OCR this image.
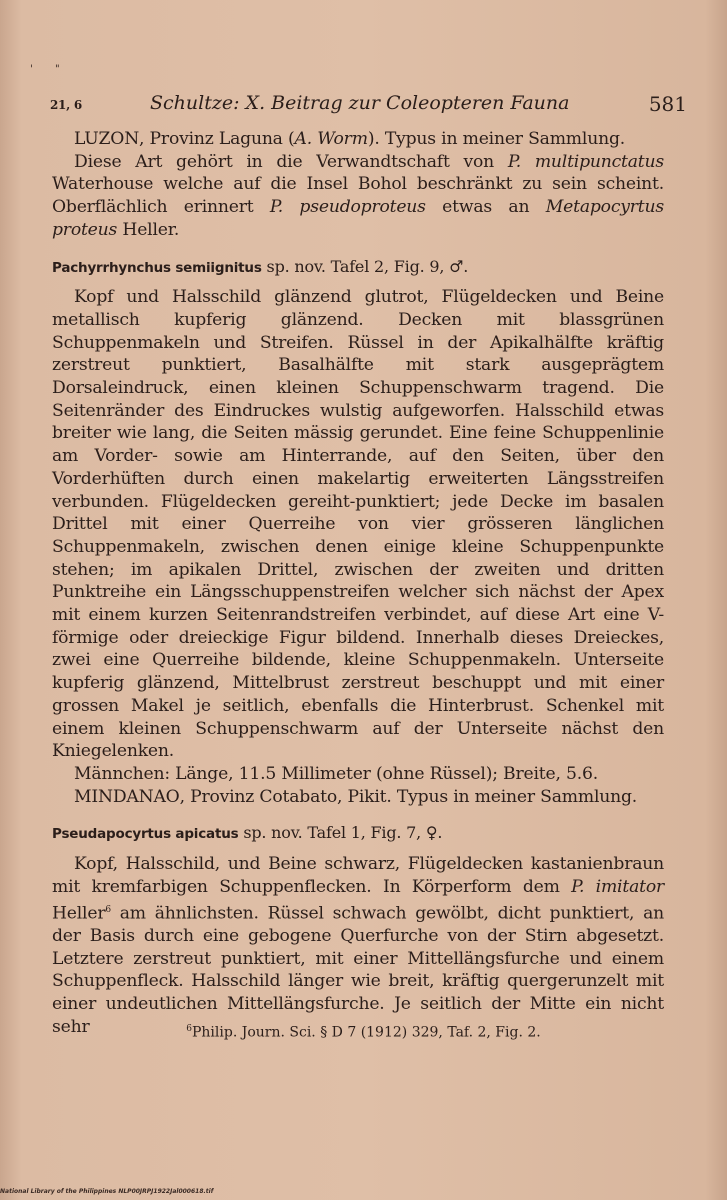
'       "
21, 6	Schultze: X. Beitrag zur Coleopteren Fauna	581

LUZON, Provinz Laguna (A. Worm). Typus in meiner Sammlung.

Diese Art gehört in die Verwandtschaft von P. multipunctatus Waterhouse welche auf die Insel Bohol beschränkt zu sein scheint. Oberflächlich erinnert P. pseudoproteus etwas an Metapocyrtus proteus Heller.

Pachyrrhynchus semiignitus sp. nov. Tafel 2, Fig. 9, ♂.

Kopf und Halsschild glänzend glutrot, Flügeldecken und Beine metallisch kupferig glänzend. Decken mit blassgrünen Schuppenmakeln und Streifen. Rüssel in der Apikalhälfte kräftig zerstreut punktiert, Basalhälfte mit stark ausgeprägtem Dorsaleindruck, einen kleinen Schuppenschwarm tragend. Die Seitenränder des Eindruckes wulstig aufgeworfen. Halsschild etwas breiter wie lang, die Seiten mässig gerundet. Eine feine Schuppenlinie am Vorder- sowie am Hinterrande, auf den Seiten, über den Vorderhüften durch einen makelartig erweiterten Längsstreifen verbunden. Flügeldecken gereiht-punktiert; jede Decke im basalen Drittel mit einer Querreihe von vier grösseren länglichen Schuppenmakeln, zwischen denen einige kleine Schuppenpunkte stehen; im apikalen Drittel, zwischen der zweiten und dritten Punktreihe ein Längsschuppenstreifen welcher sich nächst der Apex mit einem kurzen Seitenrandstreifen verbindet, auf diese Art eine V-förmige oder dreieckige Figur bildend. Innerhalb dieses Dreieckes, zwei eine Querreihe bildende, kleine Schuppenmakeln. Unterseite kupferig glänzend, Mittelbrust zerstreut beschuppt und mit einer grossen Makel je seitlich, ebenfalls die Hinterbrust. Schenkel mit einem kleinen Schuppenschwarm auf der Unterseite nächst den Kniegelenken.

Männchen: Länge, 11.5 Millimeter (ohne Rüssel); Breite, 5.6.

MINDANAO, Provinz Cotabato, Pikit. Typus in meiner Sammlung.

Pseudapocyrtus apicatus sp. nov. Tafel 1, Fig. 7, ♀.

Kopf, Halsschild, und Beine schwarz, Flügeldecken kastanienbraun mit kremfarbigen Schuppenflecken. In Körperform dem P. imitator Heller$^6$ am ähnlichsten. Rüssel schwach gewölbt, dicht punktiert, an der Basis durch eine gebogene Querfurche von der Stirn abgesetzt. Letztere zerstreut punktiert, mit einer Mittellängsfurche und einem Schuppenfleck. Halsschild länger wie breit, kräftig quergerunzelt mit einer undeutlichen Mittellängsfurche. Je seitlich der Mitte ein nicht sehr	$^6$Philip. Journ. Sci. § D 7 (1912) 329, Taf. 2, Fig. 2.
National Library of the Philippines NLP00JRPJ1922Jal000618.tif
